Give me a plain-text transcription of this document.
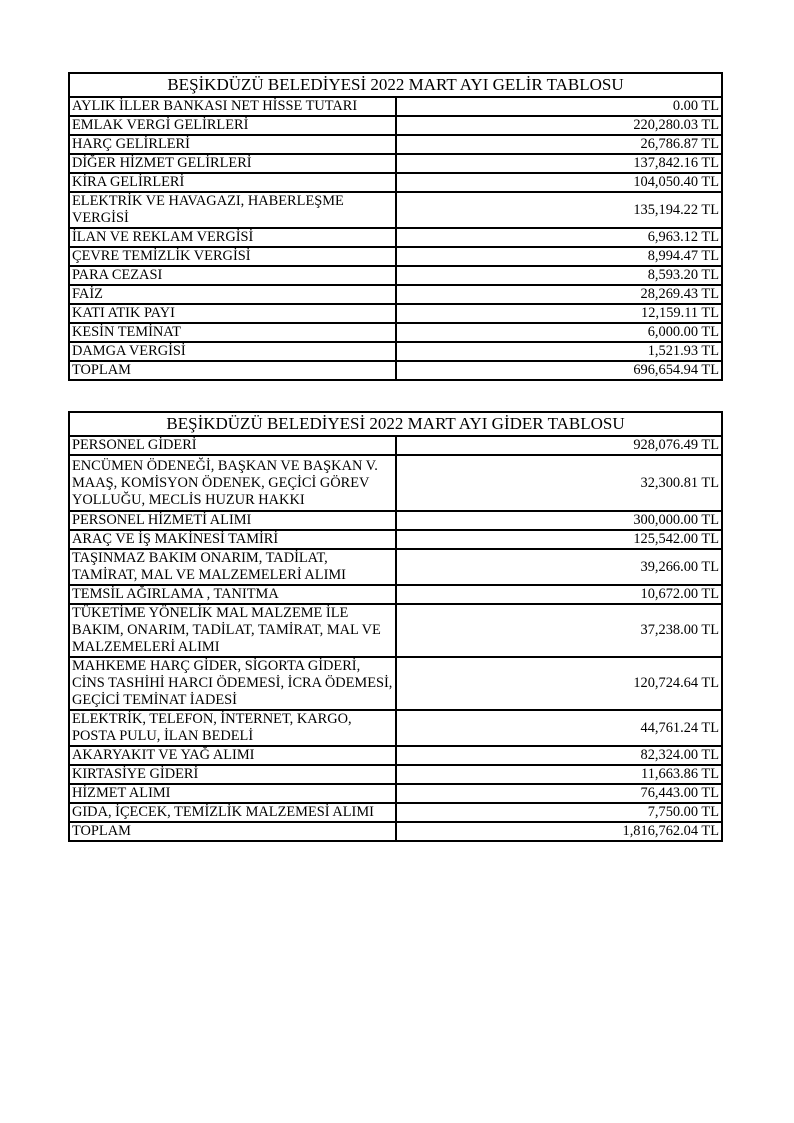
BEŞİKDÜZÜ BELEDİYESİ 2022 MART AYI GELİR TABLOSU	
AYLIK İLLER BANKASI NET HİSSE TUTARI	0.00 TL
EMLAK VERGİ GELİRLERİ	220,280.03 TL
HARÇ GELİRLERİ	26,786.87 TL
DİĞER HİZMET GELİRLERİ	137,842.16 TL
KİRA GELİRLERİ	104,050.40 TL
ELEKTRİK VE HAVAGAZI, HABERLEŞME VERGİSİ	135,194.22 TL
İLAN VE REKLAM VERGİSİ	6,963.12 TL
ÇEVRE TEMİZLİK VERGİSİ	8,994.47 TL
PARA CEZASI	8,593.20 TL
FAİZ	28,269.43 TL
KATI ATIK PAYI	12,159.11 TL
KESİN TEMİNAT	6,000.00 TL
DAMGA VERGİSİ	1,521.93 TL
TOPLAM	696,654.94 TL
BEŞİKDÜZÜ BELEDİYESİ 2022 MART AYI GİDER TABLOSU	
PERSONEL GİDERİ	928,076.49 TL
ENCÜMEN ÖDENEĞİ, BAŞKAN VE BAŞKAN V. MAAŞ, KOMİSYON ÖDENEK, GEÇİCİ GÖREV YOLLUĞU, MECLİS HUZUR HAKKI	32,300.81 TL
PERSONEL HİZMETİ ALIMI	300,000.00 TL
ARAÇ VE İŞ MAKİNESİ TAMİRİ	125,542.00 TL
TAŞINMAZ BAKIM ONARIM, TADİLAT, TAMİRAT, MAL VE MALZEMELERİ ALIMI	39,266.00 TL
TEMSİL AĞIRLAMA , TANITMA	10,672.00 TL
TÜKETİME YÖNELİK MAL MALZEME İLE BAKIM, ONARIM, TADİLAT, TAMİRAT, MAL VE MALZEMELERİ ALIMI	37,238.00 TL
MAHKEME HARÇ GİDER, SİGORTA GİDERİ, CİNS TASHİHİ HARCI ÖDEMESİ, İCRA ÖDEMESİ, GEÇİCİ TEMİNAT İADESİ	120,724.64 TL
ELEKTRİK, TELEFON, İNTERNET, KARGO, POSTA PULU, İLAN BEDELİ	44,761.24 TL
AKARYAKIT VE YAĞ ALIMI	82,324.00 TL
KIRTASİYE GİDERİ	11,663.86 TL
HİZMET ALIMI	76,443.00 TL
GIDA, İÇECEK, TEMİZLİK MALZEMESİ ALIMI	7,750.00 TL
TOPLAM	1,816,762.04 TL
